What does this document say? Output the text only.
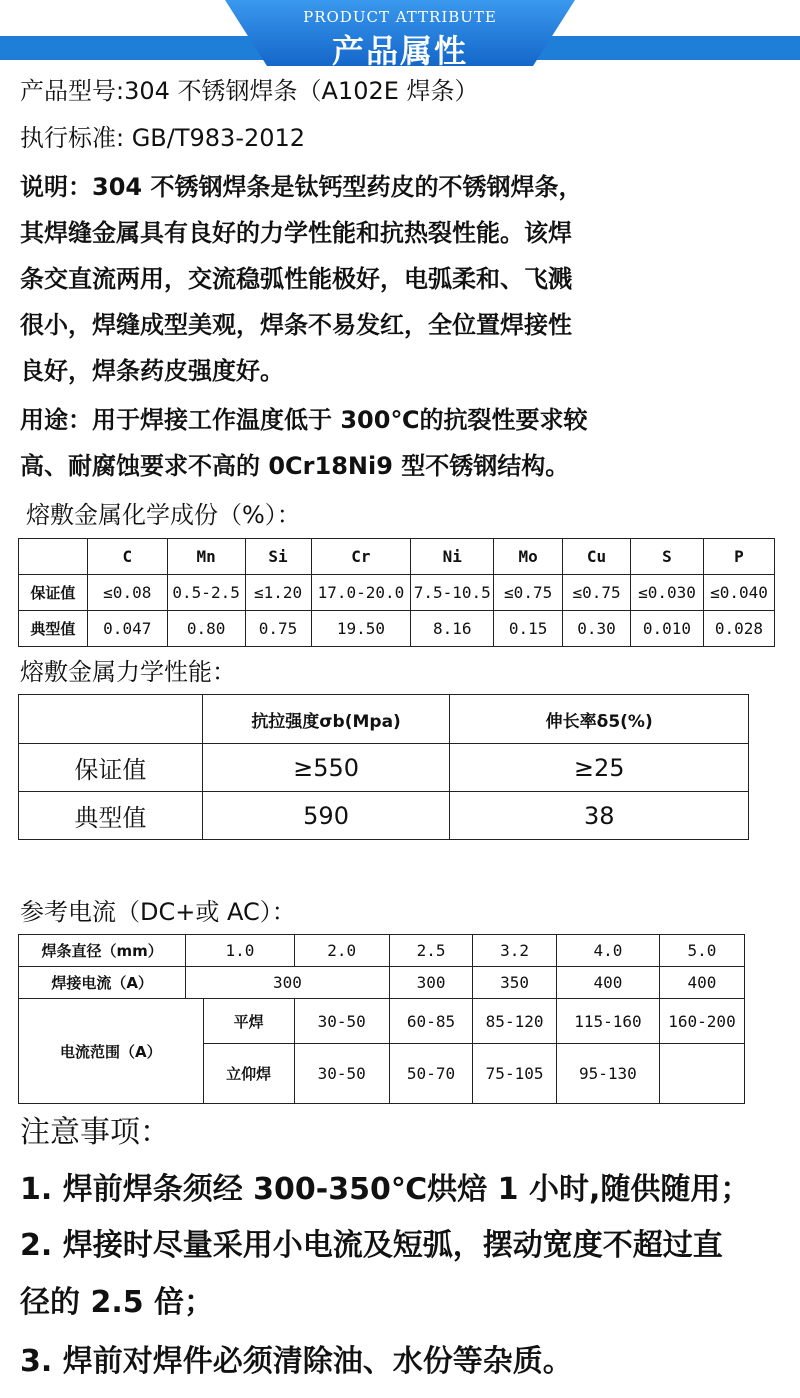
PRODUCT ATTRIBUTE
产品属性
产品型号:304 不锈钢焊条（A102E 焊条）
执行标准: GB/T983-2012
说明：304 不锈钢焊条是钛钙型药皮的不锈钢焊条，
其焊缝金属具有良好的力学性能和抗热裂性能。该焊
条交直流两用，交流稳弧性能极好，电弧柔和、飞溅
很小，焊缝成型美观，焊条不易发红，全位置焊接性
良好，焊条药皮强度好。
用途：用于焊接工作温度低于 300℃的抗裂性要求较
高、耐腐蚀要求不高的 0Cr18Ni9 型不锈钢结构。
熔敷金属化学成份（%）：
	C	Mn	Si	Cr	Ni	Mo	Cu	S	P
保证值	≤0.08	0.5-2.5	≤1.20	17.0-20.0	7.5-10.5	≤0.75	≤0.75	≤0.030	≤0.040
典型值	0.047	0.80	0.75	19.50	8.16	0.15	0.30	0.010	0.028
熔敷金属力学性能：
	抗拉强度σb(Mpa)	伸长率δ5(%)
保证值	≥550	≥25
典型值	590	38
参考电流（DC+或 AC）：
焊条直径（mm）	1.0		2.0	2.5	3.2	4.0	5.0
焊接电流（A）	300			300	350	400	400
电流范围（A）		平焊	30-50	60-85	85-120	115-160	160-200
		立仰焊	30-50	50-70	75-105	95-130	
注意事项：
1. 焊前焊条须经 300-350℃烘焙 1 小时,随供随用；
2. 焊接时尽量采用小电流及短弧，摆动宽度不超过直
径的 2.5 倍；
3. 焊前对焊件必须清除油、水份等杂质。
